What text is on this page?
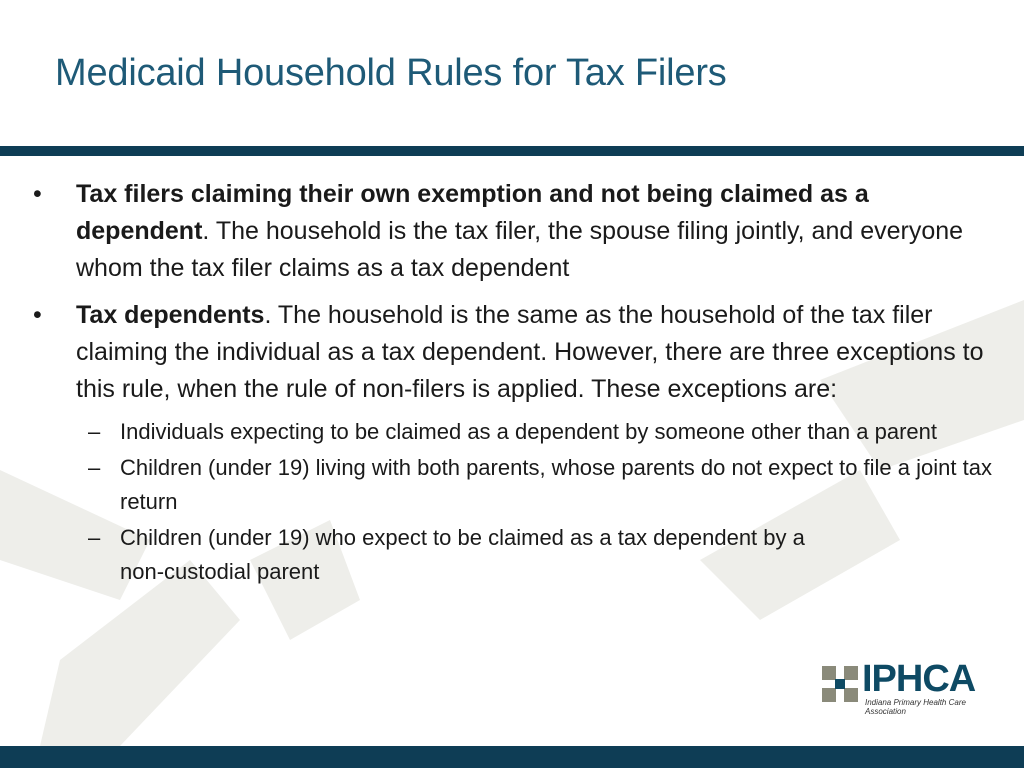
Medicaid Household Rules for Tax Filers
• Tax filers claiming their own exemption and not being claimed as a dependent. The household is the tax filer, the spouse filing jointly, and everyone whom the tax filer claims as a tax dependent
• Tax dependents. The household is the same as the household of the tax filer claiming the individual as a tax dependent. However, there are three exceptions to this rule, when the rule of non-filers is applied. These exceptions are:
– Individuals expecting to be claimed as a dependent by someone other than a parent
– Children (under 19) living with both parents, whose parents do not expect to file a joint tax return
– Children (under 19) who expect to be claimed as a tax dependent by a non-custodial parent
IPHCA
Indiana Primary Health Care Association
